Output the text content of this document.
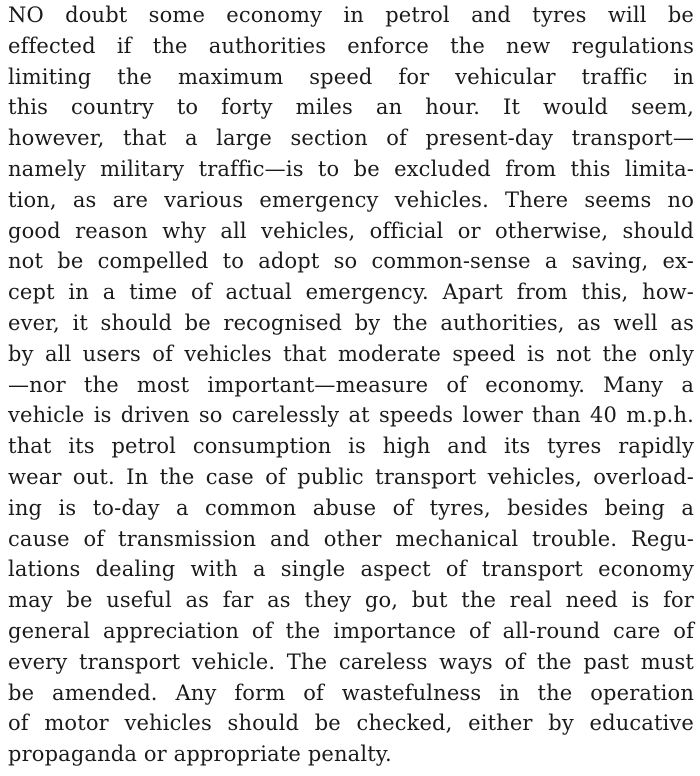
NO doubt some economy in petrol and tyres will be
effected if the authorities enforce the new regulations
limiting the maximum speed for vehicular traffic in
this country to forty miles an hour. It would seem,
however, that a large section of present-day transport—
namely military traffic—is to be excluded from this limita-
tion, as are various emergency vehicles. There seems no
good reason why all vehicles, official or otherwise, should
not be compelled to adopt so common-sense a saving, ex-
cept in a time of actual emergency. Apart from this, how-
ever, it should be recognised by the authorities, as well as
by all users of vehicles that moderate speed is not the only
—nor the most important—measure of economy. Many a
vehicle is driven so carelessly at speeds lower than 40 m.p.h.
that its petrol consumption is high and its tyres rapidly
wear out. In the case of public transport vehicles, overload-
ing is to-day a common abuse of tyres, besides being a
cause of transmission and other mechanical trouble. Regu-
lations dealing with a single aspect of transport economy
may be useful as far as they go, but the real need is for
general appreciation of the importance of all-round care of
every transport vehicle. The careless ways of the past must
be amended. Any form of wastefulness in the operation
of motor vehicles should be checked, either by educative
propaganda or appropriate penalty.
